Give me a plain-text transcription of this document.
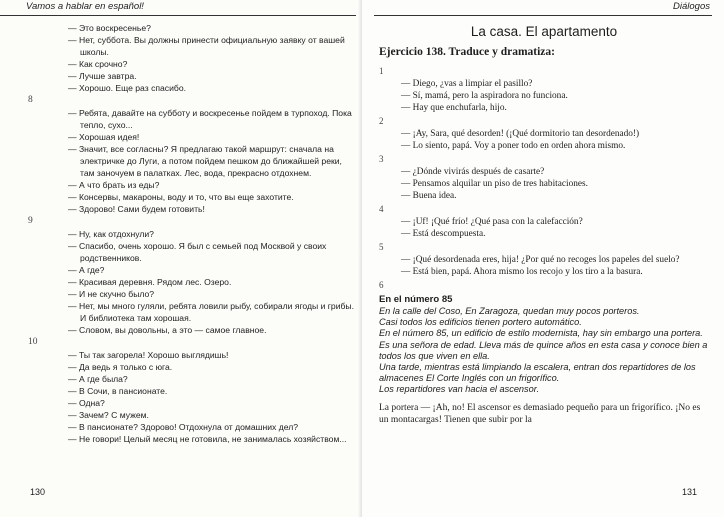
Vamos a hablar en español!

— Это воскресенье?

— Нет, суббота. Вы должны принести официальную заявку от вашей школы.

— Как срочно?

— Лучше завтра.

— Хорошо. Еще раз спасибо.

8

— Ребята, давайте на субботу и воскресенье пойдем в турпоход. Пока тепло, сухо...

— Хорошая идея!

— Значит, все согласны? Я предлагаю такой маршрут: сначала на электричке до Луги, а потом пойдем пешком до ближайшей реки, там заночуем в палатках. Лес, вода, прекрасно отдохнем.

— А что брать из еды?

— Консервы, макароны, воду и то, что вы еще захотите.

— Здорово! Сами будем готовить!

9

— Ну, как отдохнули?

— Спасибо, очень хорошо. Я был с семьей под Москвой у своих родственников.

— А где?

— Красивая деревня. Рядом лес. Озеро.

— И не скучно было?

— Нет, мы много гуляли, ребята ловили рыбу, собирали ягоды и грибы. И библиотека там хорошая.

— Словом, вы довольны, а это — самое главное.

10

— Ты так загорела! Хорошо выглядишь!

— Да ведь я только с юга.

— А где была?

— В Сочи, в пансионате.

— Одна?

— Зачем? С мужем.

— В пансионате? Здорово! Отдохнула от домашних дел?

— Не говори! Целый месяц не готовила, не занималась хозяйством...

130
Diálogos
La casa. El apartamento
Ejercicio 138. Traduce y dramatiza:
1

— Diego, ¿vas a limpiar el pasillo?

— Sí, mamá, pero la aspiradora no funciona.

— Hay que enchufarla, hijo.

2

— ¡Ay, Sara, qué desorden! (¡Qué dormitorio tan desordenado!)

— Lo siento, papá. Voy a poner todo en orden ahora mismo.

3

— ¿Dónde vivirás después de casarte?

— Pensamos alquilar un piso de tres habitaciones.

— Buena idea.

4

— ¡Uf! ¡Qué frío! ¿Qué pasa con la calefacción?

— Está descompuesta.

5

— ¡Qué desordenada eres, hija! ¿Por qué no recoges los papeles del suelo?

— Está bien, papá. Ahora mismo los recojo y los tiro a la basura.

6
En el número 85
En la calle del Coso, En Zaragoza, quedan muy pocos porteros.
Casi todos los edificios tienen portero automático.
En el número 85, un edificio de estilo modernista, hay sin embargo una portera. Es una señora de edad. Lleva más de quince años en esta casa y conoce bien a todos los que viven en ella.
Una tarde, mientras está limpiando la escalera, entran dos repartidores de los almacenes El Corte Inglés con un frigorífico.
Los repartidores van hacia el ascensor.
La portera — ¡Ah, no! El ascensor es demasiado pequeño para un frigorífico. ¡No es un montacargas! Tienen que subir por la
131
